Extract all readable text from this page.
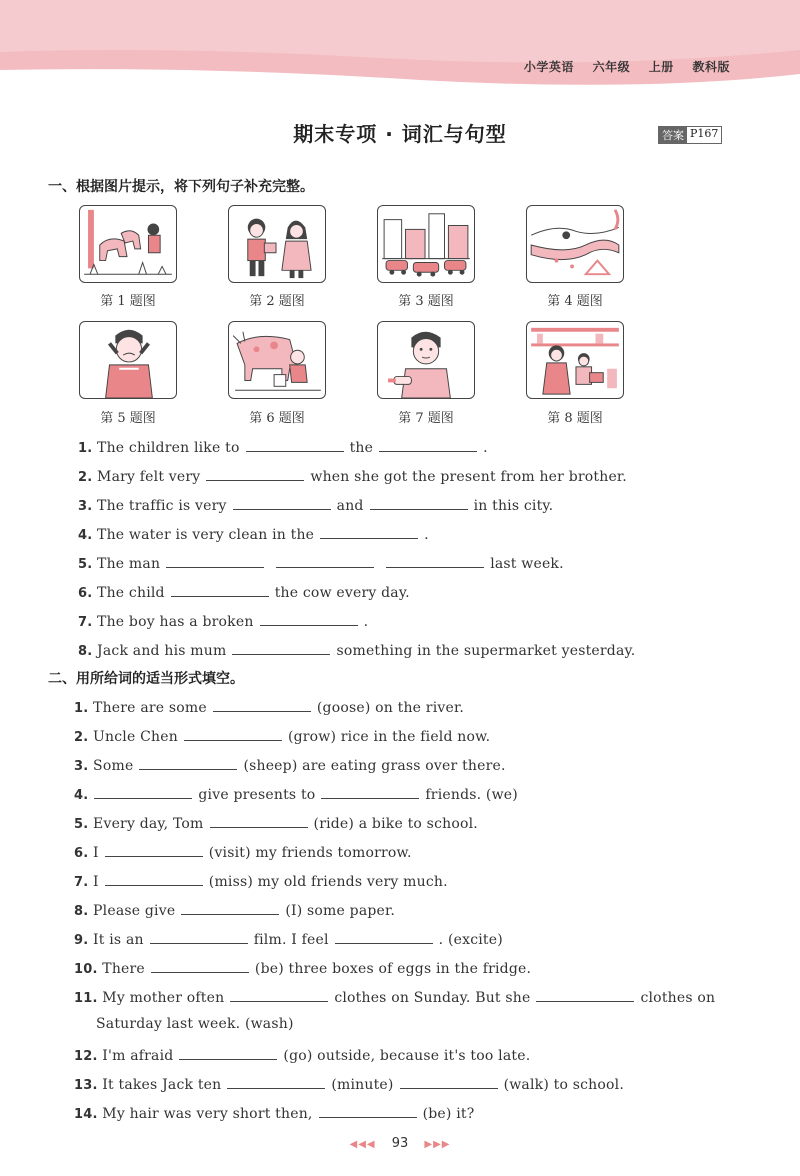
小学英语 六年级 上册 教科版
期末专项 · 词汇与句型	答案 P167
一、根据图片提示，将下列句子补充完整。
第 1 题图	第 2 题图	第 3 题图	第 4 题图
第 5 题图	第 6 题图	第 7 题图	第 8 题图
1. The children like to	the	.
2. Mary felt very	when she got the present from her brother.
3. The traffic is very	and	in this city.
4. The water is very clean in the	.
5. The man	last week.
6. The child	the cow every day.
7. The boy has a broken	.
8. Jack and his mum	something in the supermarket yesterday.
二、用所给词的适当形式填空。
1. There are some	(goose) on the river.
2. Uncle Chen	(grow) rice in the field now.
3. Some	(sheep) are eating grass over there.
4.	give presents to	friends. (we)
5. Every day, Tom	(ride) a bike to school.
6. I	(visit) my friends tomorrow.
7. I	(miss) my old friends very much.
8. Please give	(I) some paper.
9. It is an	film. I feel	. (excite)
10. There	(be) three boxes of eggs in the fridge.
11. My mother often	clothes on Sunday. But she	clothes on
Saturday last week. (wash)
12. I'm afraid	(go) outside, because it's too late.
13. It takes Jack ten	(minute)	(walk) to school.
14. My hair was very short then,	(be) it?
◀◀◀ 93 ▶▶▶
